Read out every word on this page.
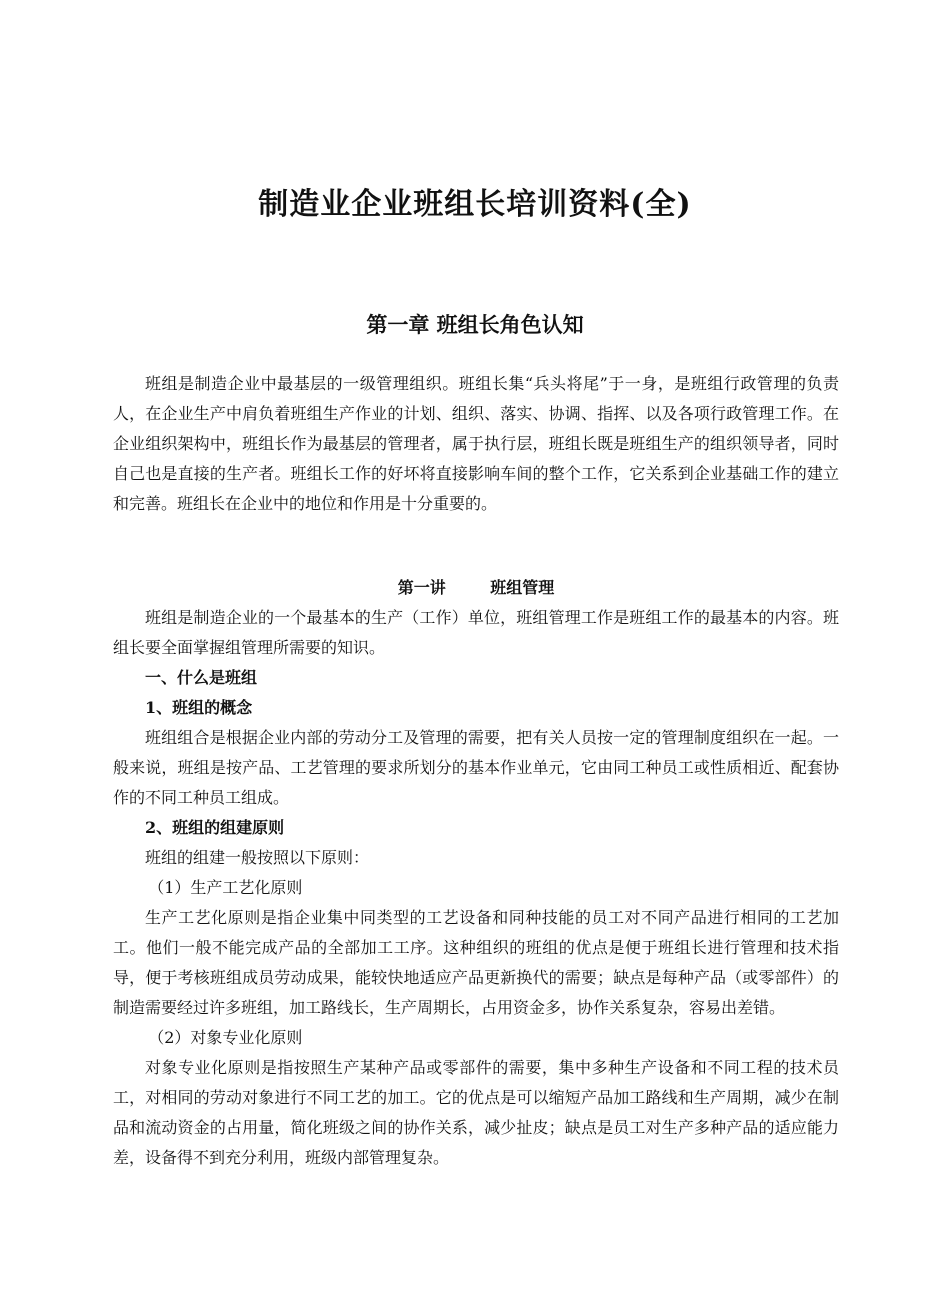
制造业企业班组长培训资料(全)
第一章 班组长角色认知

班组是制造企业中最基层的一级管理组织。班组长集“兵头将尾”于一身，是班组行政管理的负责人，在企业生产中肩负着班组生产作业的计划、组织、落实、协调、指挥、以及各项行政管理工作。在企业组织架构中，班组长作为最基层的管理者，属于执行层，班组长既是班组生产的组织领导者，同时自己也是直接的生产者。班组长工作的好坏将直接影响车间的整个工作，它关系到企业基础工作的建立和完善。班组长在企业中的地位和作用是十分重要的。

第一讲        班组管理

班组是制造企业的一个最基本的生产（工作）单位，班组管理工作是班组工作的最基本的内容。班组长要全面掌握组管理所需要的知识。

一、什么是班组
1、班组的概念

班组组合是根据企业内部的劳动分工及管理的需要，把有关人员按一定的管理制度组织在一起。一般来说，班组是按产品、工艺管理的要求所划分的基本作业单元，它由同工种员工或性质相近、配套协作的不同工种员工组成。

2、班组的组建原则

班组的组建一般按照以下原则：

（1）生产工艺化原则

生产工艺化原则是指企业集中同类型的工艺设备和同种技能的员工对不同产品进行相同的工艺加工。他们一般不能完成产品的全部加工工序。这种组织的班组的优点是便于班组长进行管理和技术指导，便于考核班组成员劳动成果，能较快地适应产品更新换代的需要；缺点是每种产品（或零部件）的制造需要经过许多班组，加工路线长，生产周期长，占用资金多，协作关系复杂，容易出差错。

（2）对象专业化原则

对象专业化原则是指按照生产某种产品或零部件的需要，集中多种生产设备和不同工程的技术员工，对相同的劳动对象进行不同工艺的加工。它的优点是可以缩短产品加工路线和生产周期，减少在制品和流动资金的占用量，简化班级之间的协作关系，减少扯皮；缺点是员工对生产多种产品的适应能力差，设备得不到充分利用，班级内部管理复杂。
